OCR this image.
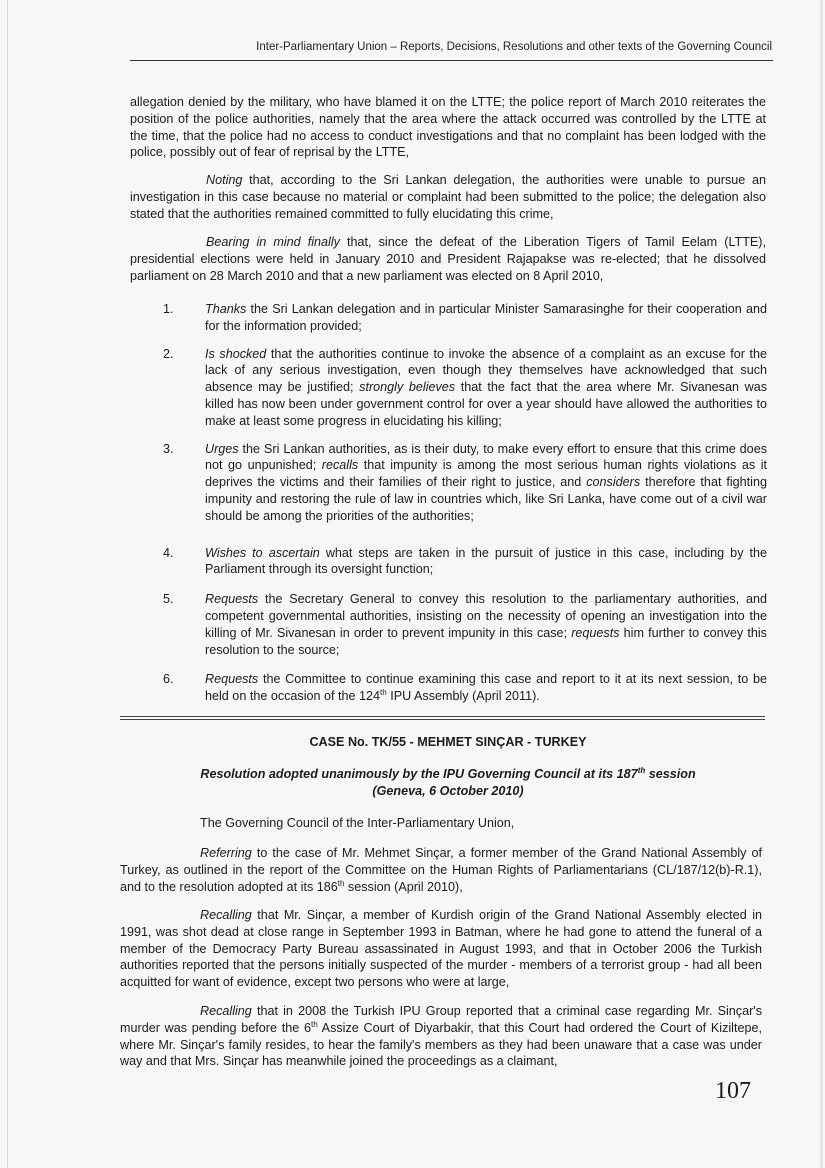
Inter-Parliamentary Union – Reports, Decisions, Resolutions and other texts of the Governing Council
allegation denied by the military, who have blamed it on the LTTE; the police report of March 2010 reiterates the position of the police authorities, namely that the area where the attack occurred was controlled by the LTTE at the time, that the police had no access to conduct investigations and that no complaint has been lodged with the police, possibly out of fear of reprisal by the LTTE,
Noting that, according to the Sri Lankan delegation, the authorities were unable to pursue an investigation in this case because no material or complaint had been submitted to the police; the delegation also stated that the authorities remained committed to fully elucidating this crime,
Bearing in mind finally that, since the defeat of the Liberation Tigers of Tamil Eelam (LTTE), presidential elections were held in January 2010 and President Rajapakse was re-elected; that he dissolved parliament on 28 March 2010 and that a new parliament was elected on 8 April 2010,
1.	Thanks the Sri Lankan delegation and in particular Minister Samarasinghe for their cooperation and for the information provided;
2.	Is shocked that the authorities continue to invoke the absence of a complaint as an excuse for the lack of any serious investigation, even though they themselves have acknowledged that such absence may be justified; strongly believes that the fact that the area where Mr. Sivanesan was killed has now been under government control for over a year should have allowed the authorities to make at least some progress in elucidating his killing;
3.	Urges the Sri Lankan authorities, as is their duty, to make every effort to ensure that this crime does not go unpunished; recalls that impunity is among the most serious human rights violations as it deprives the victims and their families of their right to justice, and considers therefore that fighting impunity and restoring the rule of law in countries which, like Sri Lanka, have come out of a civil war should be among the priorities of the authorities;
4.	Wishes to ascertain what steps are taken in the pursuit of justice in this case, including by the Parliament through its oversight function;
5.	Requests the Secretary General to convey this resolution to the parliamentary authorities, and competent governmental authorities, insisting on the necessity of opening an investigation into the killing of Mr. Sivanesan in order to prevent impunity in this case; requests him further to convey this resolution to the source;
6.	Requests the Committee to continue examining this case and report to it at its next session, to be held on the occasion of the 124th IPU Assembly (April 2011).
CASE No. TK/55 - MEHMET SINÇAR - TURKEY
Resolution adopted unanimously by the IPU Governing Council at its 187th session
(Geneva, 6 October 2010)
The Governing Council of the Inter-Parliamentary Union,
Referring to the case of Mr. Mehmet Sinçar, a former member of the Grand National Assembly of Turkey, as outlined in the report of the Committee on the Human Rights of Parliamentarians (CL/187/12(b)-R.1), and to the resolution adopted at its 186th session (April 2010),
Recalling that Mr. Sinçar, a member of Kurdish origin of the Grand National Assembly elected in 1991, was shot dead at close range in September 1993 in Batman, where he had gone to attend the funeral of a member of the Democracy Party Bureau assassinated in August 1993, and that in October 2006 the Turkish authorities reported that the persons initially suspected of the murder - members of a terrorist group - had all been acquitted for want of evidence, except two persons who were at large,
Recalling that in 2008 the Turkish IPU Group reported that a criminal case regarding Mr. Sinçar's murder was pending before the 6th Assize Court of Diyarbakir, that this Court had ordered the Court of Kiziltepe, where Mr. Sinçar's family resides, to hear the family's members as they had been unaware that a case was under way and that Mrs. Sinçar has meanwhile joined the proceedings as a claimant,
107
